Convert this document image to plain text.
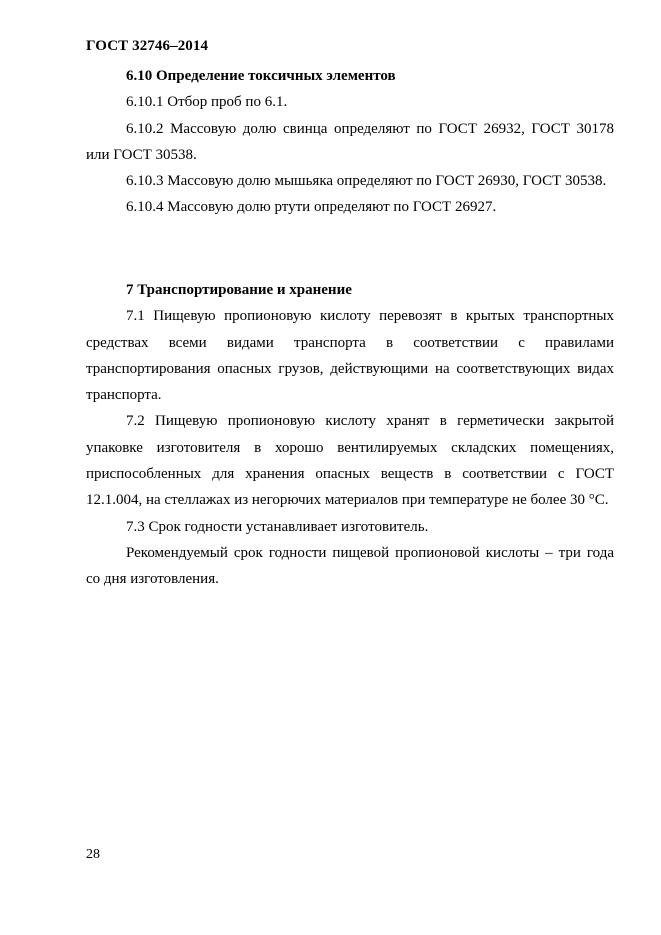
ГОСТ 32746–2014

6.10 Определение токсичных элементов

6.10.1 Отбор проб по 6.1.

6.10.2 Массовую долю свинца определяют по ГОСТ 26932, ГОСТ 30178 или ГОСТ 30538.

6.10.3 Массовую долю мышьяка определяют по ГОСТ 26930, ГОСТ 30538.

6.10.4 Массовую долю ртути определяют по ГОСТ 26927.

7 Транспортирование и хранение

7.1 Пищевую пропионовую кислоту перевозят в крытых транспортных средствах всеми видами транспорта в соответствии с правилами транспортирования опасных грузов, действующими на соответствующих видах транспорта.

7.2 Пищевую пропионовую кислоту хранят в герметически закрытой упаковке изготовителя в хорошо вентилируемых складских помещениях, приспособленных для хранения опасных веществ в соответствии с ГОСТ 12.1.004, на стеллажах из негорючих материалов при температуре не более 30 °С.

7.3 Срок годности устанавливает изготовитель.

Рекомендуемый срок годности пищевой пропионовой кислоты – три года со дня изготовления.

28
